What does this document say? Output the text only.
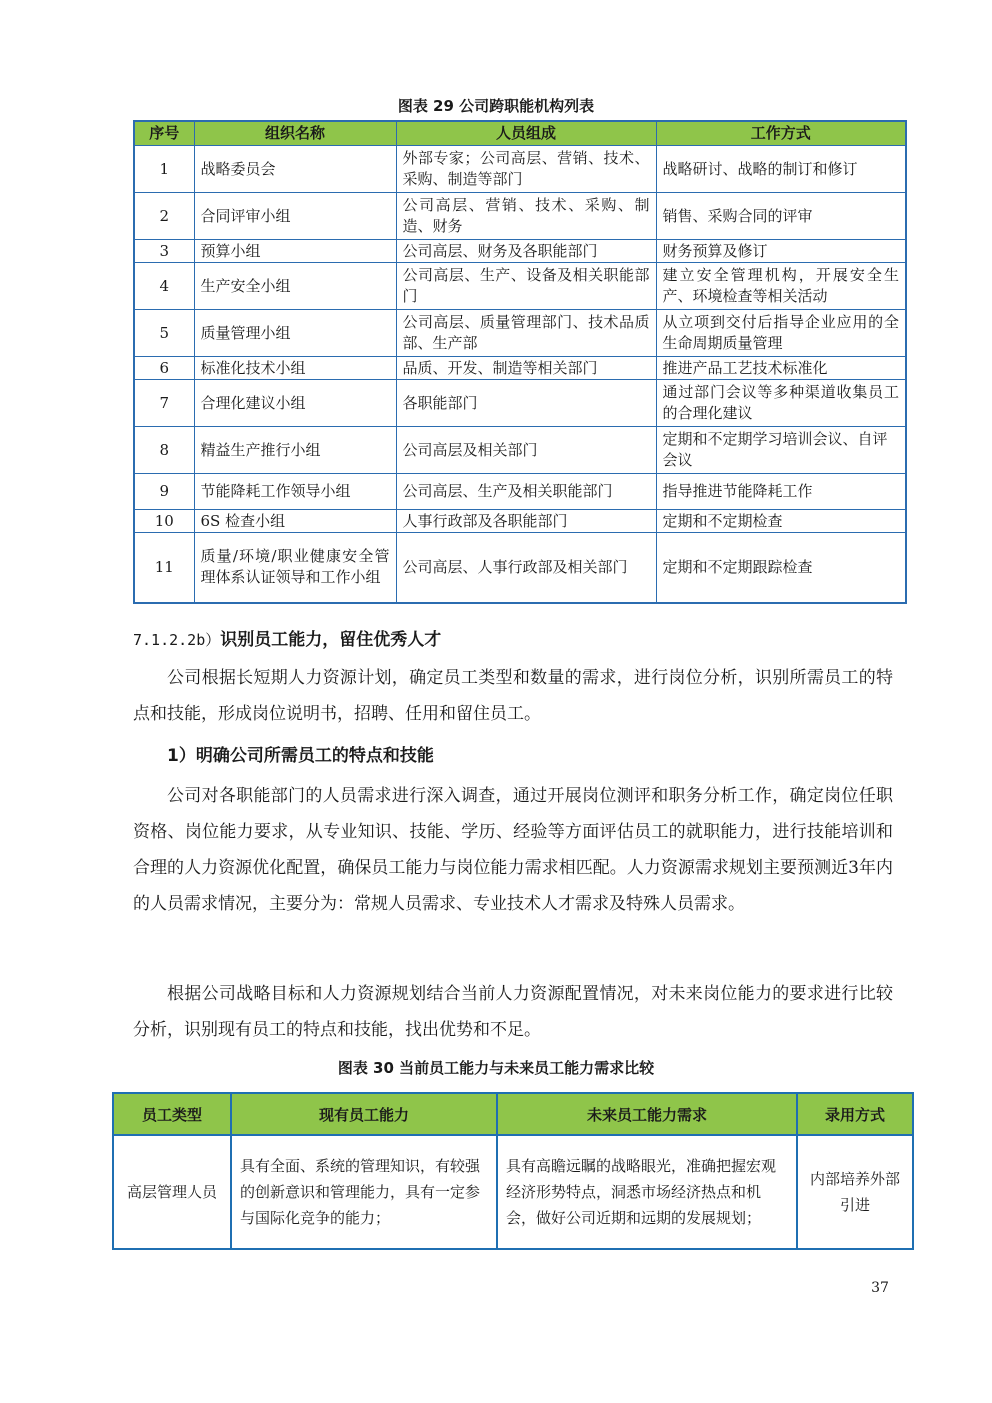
图表 29 公司跨职能机构列表
序号	组织名称	人员组成	工作方式
1	战略委员会	外部专家；公司高层、营销、技术、采购、制造等部门	战略研讨、战略的制订和修订
2	合同评审小组	公司高层、营销、技术、采购、制造、财务	销售、采购合同的评审
3	预算小组	公司高层、财务及各职能部门	财务预算及修订
4	生产安全小组	公司高层、生产、设备及相关职能部门	建立安全管理机构，开展安全生产、环境检查等相关活动
5	质量管理小组	公司高层、质量管理部门、技术品质部、生产部	从立项到交付后指导企业应用的全生命周期质量管理
6	标准化技术小组	品质、开发、制造等相关部门	推进产品工艺技术标准化
7	合理化建议小组	各职能部门	通过部门会议等多种渠道收集员工的合理化建议
8	精益生产推行小组	公司高层及相关部门	定期和不定期学习培训会议、自评会议
9	节能降耗工作领导小组	公司高层、生产及相关职能部门	指导推进节能降耗工作
10	6S 检查小组	人事行政部及各职能部门	定期和不定期检查
11	质量/环境/职业健康安全管理体系认证领导和工作小组	公司高层、人事行政部及相关部门	定期和不定期跟踪检查
7.1.2.2b）识别员工能力，留住优秀人才
公司根据长短期人力资源计划，确定员工类型和数量的需求，进行岗位分析，识别所需员工的特点和技能，形成岗位说明书，招聘、任用和留住员工。
1）明确公司所需员工的特点和技能
公司对各职能部门的人员需求进行深入调查，通过开展岗位测评和职务分析工作，确定岗位任职资格、岗位能力要求，从专业知识、技能、学历、经验等方面评估员工的就职能力，进行技能培训和合理的人力资源优化配置，确保员工能力与岗位能力需求相匹配。人力资源需求规划主要预测近3年内的人员需求情况，主要分为：常规人员需求、专业技术人才需求及特殊人员需求。
根据公司战略目标和人力资源规划结合当前人力资源配置情况，对未来岗位能力的要求进行比较分析，识别现有员工的特点和技能，找出优势和不足。
图表 30 当前员工能力与未来员工能力需求比较
员工类型	现有员工能力	未来员工能力需求	录用方式
高层管理人员	具有全面、系统的管理知识，有较强的创新意识和管理能力，具有一定参与国际化竞争的能力；	具有高瞻远瞩的战略眼光，准确把握宏观经济形势特点，洞悉市场经济热点和机会，做好公司近期和远期的发展规划；	内部培养外部引进
37
